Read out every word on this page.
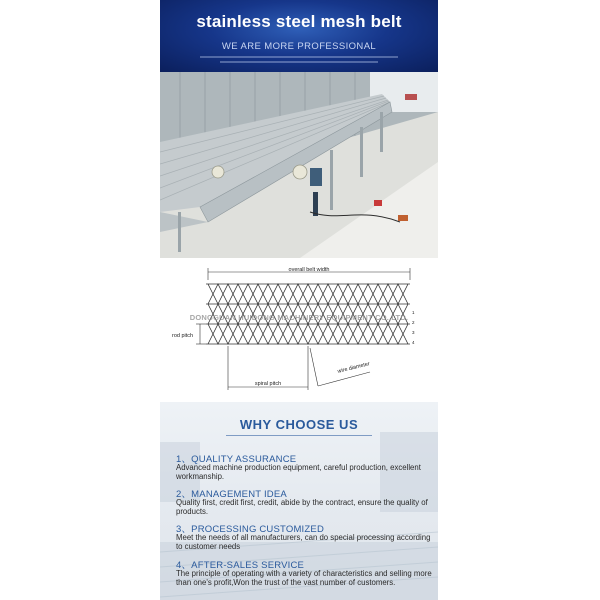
stainless steel mesh belt
WE ARE MORE PROFESSIONAL
overall belt width
DONGGUAN HUIDONG MACHINERY EQUIPMENT CO.,LTD.
rod pitch
1
2
3
4
spiral pitch
wire diameter
WHY CHOOSE US
1、QUALITY ASSURANCE
Advanced machine production equipment, careful production, excellent workmanship.
2、MANAGEMENT IDEA
Quality first, credit first, credit, abide by the contract, ensure the quality of products.
3、PROCESSING CUSTOMIZED
Meet the needs of all manufacturers, can do special processing according to customer needs
4、AFTER-SALES SERVICE
The principle of operating with a variety of characteristics and selling more than one's profit,Won the trust of the vast number of customers.
